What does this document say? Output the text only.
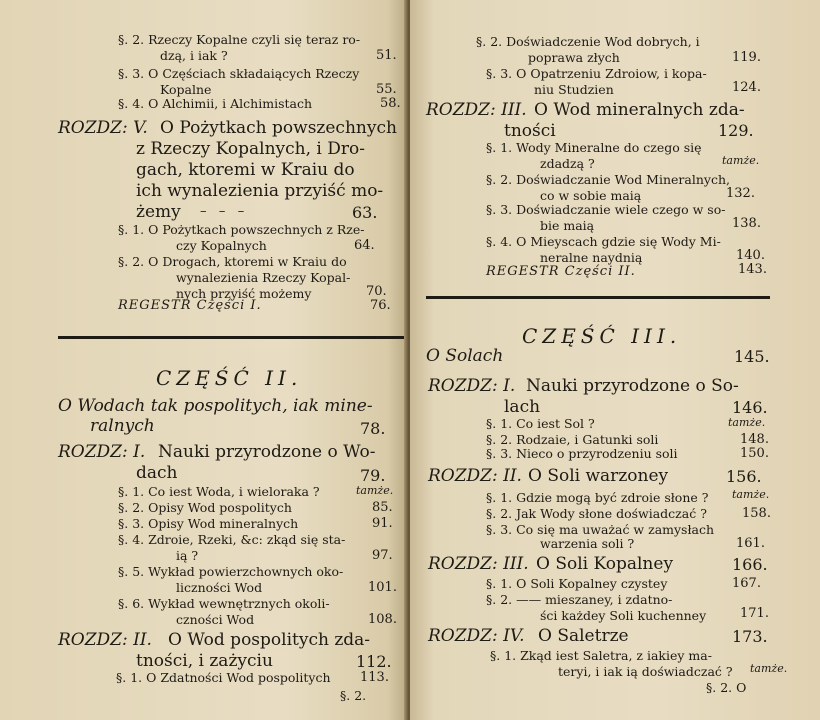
§. 2. Rzeczy Kopalne czyli się teraz ro-
dzą, i iak ?	51.
§. 3. O Częściach składaiących Rzeczy
Kopalne	55.
§. 4. O Alchimii, i Alchimistach	58.
ROZDZ: V. O Pożytkach powszechnych
z Rzeczy Kopalnych, i Dro-
gach, ktoremi w Kraiu do
ich wynalezienia przyiść mo-
żemy –   –   –	63.
§. 1. O Pożytkach powszechnych z Rze-
czy Kopalnych	64.
§. 2. O Drogach, ktoremi w Kraiu do
wynalezienia Rzeczy Kopal-
nych przyiść możemy	70.
REGESTR Części I.	76.
CZĘŚĆ II.
O Wodach tak pospolitych, iak mine-
ralnych	78.
ROZDZ: I. Nauki przyrodzone o Wo-
dach	79.
§. 1. Co iest Woda, i wieloraka ?	tamże.
§. 2. Opisy Wod pospolitych	85.
§. 3. Opisy Wod mineralnych	91.
§. 4. Zdroie, Rzeki, &c: zkąd się sta-
ią ?	97.
§. 5. Wykład powierzchownych oko-
liczności Wod	101.
§. 6. Wykład wewnętrznych okoli-
czności Wod	108.
ROZDZ: II. O Wod pospolitych zda-
tności, i zażyciu	112.
§. 1. O Zdatności Wod pospolitych 113.
§. 2.
§. 2. Doświadczenie Wod dobrych, i
poprawa złych	119.
§. 3. O Opatrzeniu Zdroiow, i kopa-
niu Studzien	124.
ROZDZ: III. O Wod mineralnych zda-
tności	129.
§. 1. Wody Mineralne do czego się
zdadzą ?	tamże.
§. 2. Doświadczanie Wod Mineralnych,
co w sobie maią	132.
§. 3. Doświadczanie wiele czego w so-
bie maią	138.
§. 4. O Mieyscach gdzie się Wody Mi-
neralne naydnią	140.
REGESTR Części II.	143.
CZĘŚĆ III.
O Solach	145.
ROZDZ: I. Nauki przyrodzone o So-
lach	146.
§. 1. Co iest Sol ?	tamże.
§. 2. Rodzaie, i Gatunki soli	148.
§. 3. Nieco o przyrodzeniu soli	150.
ROZDZ: II. O Soli warzoney	156.
§. 1. Gdzie mogą być zdroie słone ? tamże.
§. 2. Jak Wody słone doświadczać ?	158.
§. 3. Co się ma uważać w zamysłach
warzenia soli ?	161.
ROZDZ: III. O Soli Kopalney	166.
§. 1. O Soli Kopalney czystey	167.
§. 2. —— mieszaney, i zdatno-
ści każdey Soli kuchenney	171.
ROZDZ: IV. O Saletrze	173.
§. 1. Zkąd iest Saletra, z iakiey ma-
teryi, i iak ią doświadczać ? tamże.
§. 2. O
